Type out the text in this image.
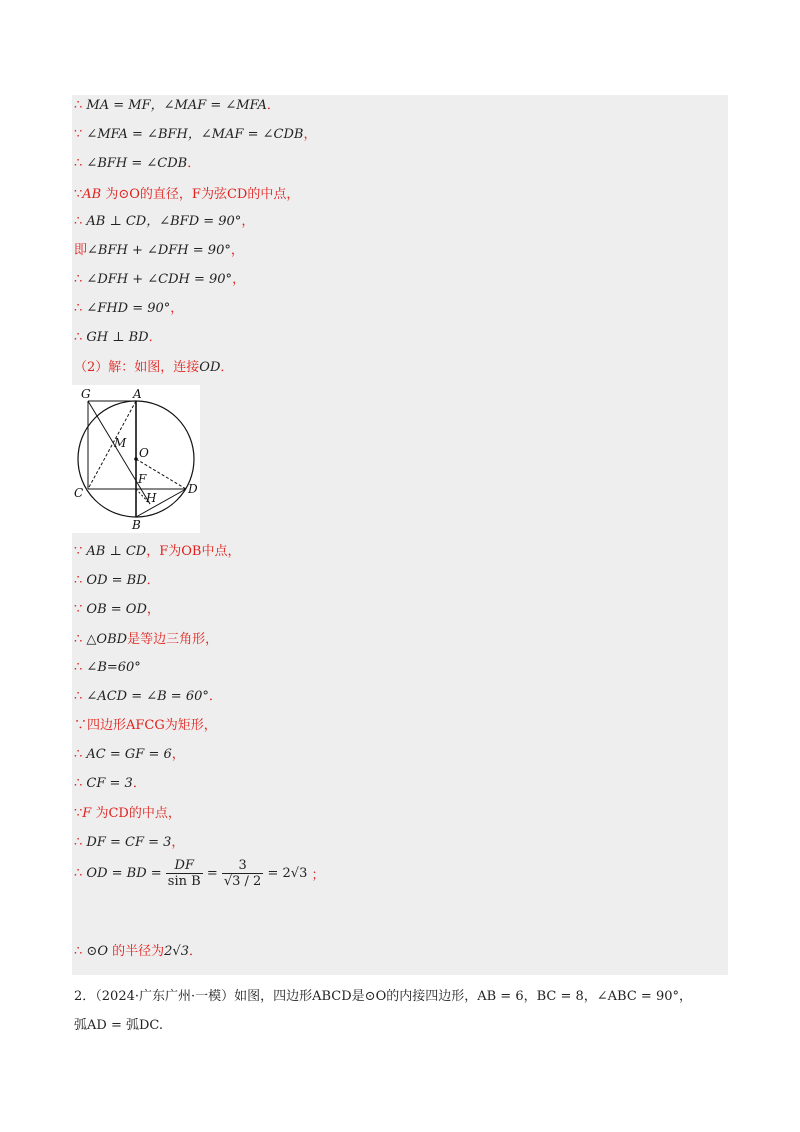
∴ MA = MF，∠MAF = ∠MFA．
∵ ∠MFA = ∠BFH，∠MAF = ∠CDB，
∴ ∠BFH = ∠CDB．
∵AB 为⊙O的直径，F为弦CD的中点，
∴ AB ⊥ CD，∠BFD = 90°，
即∠BFH + ∠DFH = 90°，
∴ ∠DFH + ∠CDH = 90°，
∴ ∠FHD = 90°，
∴ GH ⊥ BD．
（2）解：如图，连接OD．
G	A
M
O
C
F
H
D
B
∵ AB ⊥ CD，F为OB中点，
∴ OD = BD．
∵ OB = OD，
∴ △OBD是等边三角形，
∴ ∠B=60°
∴ ∠ACD = ∠B = 60°．
∵四边形AFCG为矩形，
∴ AC = GF = 6，
∴ CF = 3．
∵F 为CD的中点，
∴ DF = CF = 3，
∴ OD = BD = $\frac{DF}{\text{sin B}} = \frac{3}{√3 / 2} = 2√3$ ；
∴ ⊙O 的半径为2√3．
2．（2024·广东广州·一模）如图，四边形ABCD是⊙O的内接四边形，AB = 6，BC = 8，∠ABC = 90°，
弧AD = 弧DC.
